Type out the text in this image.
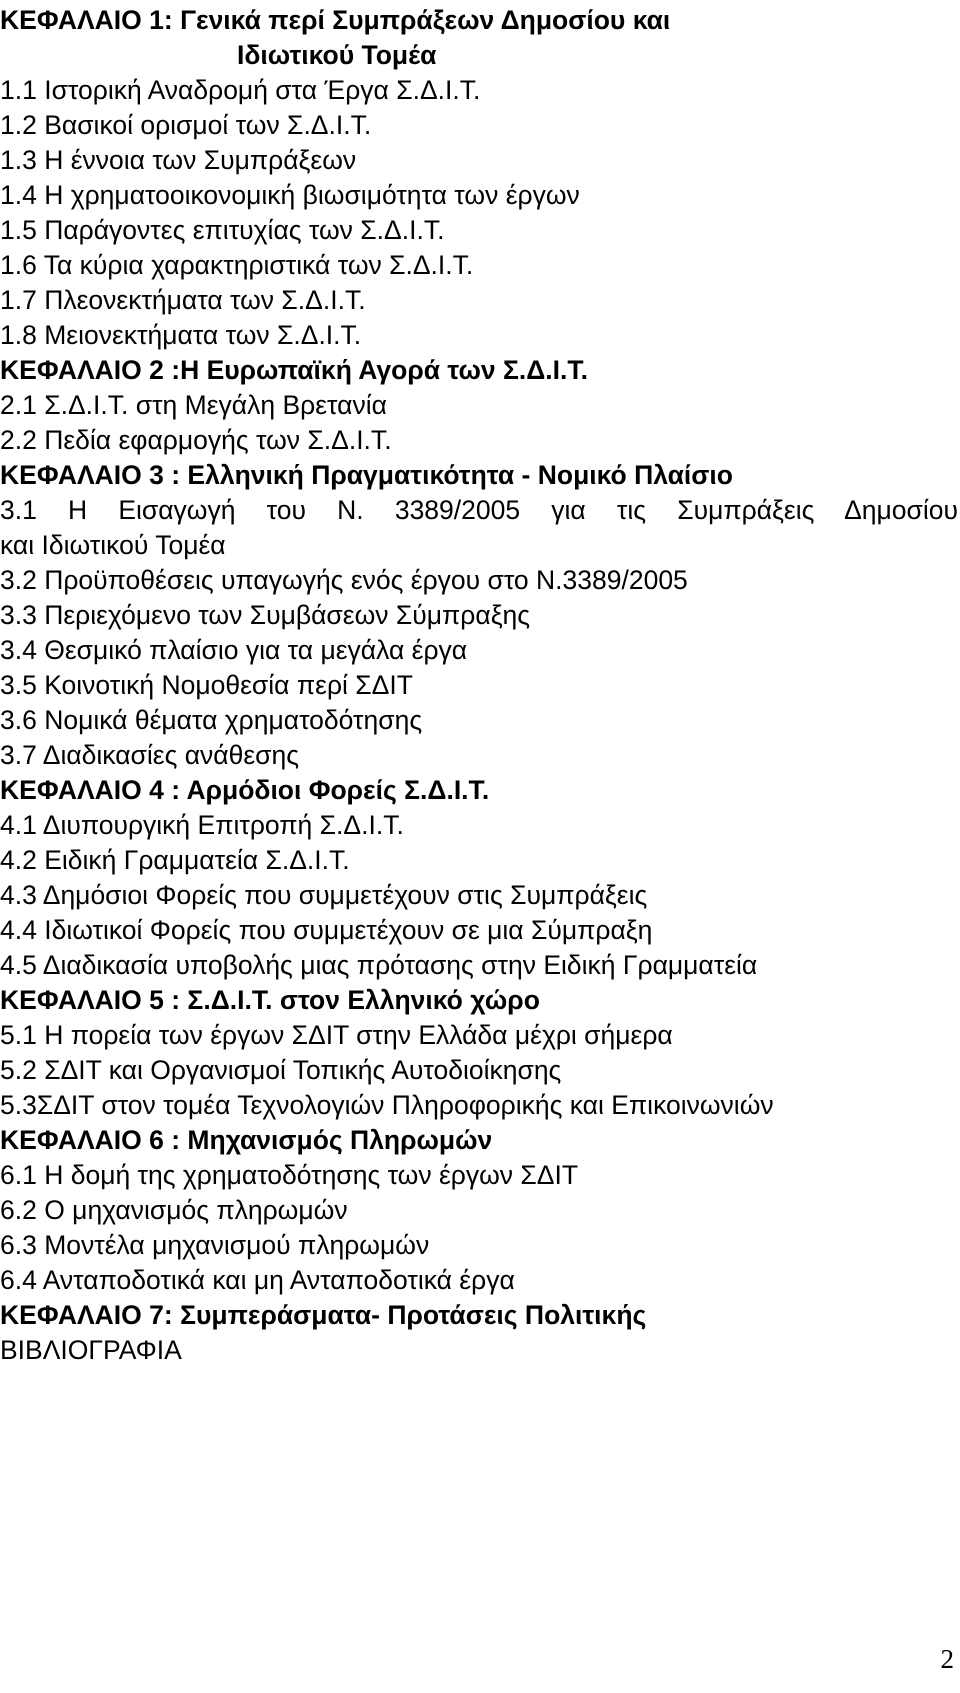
ΚΕΦΑΛΑΙΟ 1: Γενικά περί Συμπράξεων Δημοσίου και
Ιδιωτικού Τομέα
1.1 Ιστορική Αναδρομή στα Έργα Σ.Δ.Ι.Τ.
1.2 Βασικοί ορισμοί των Σ.Δ.Ι.Τ.
1.3 Η έννοια των Συμπράξεων
1.4 Η χρηματοοικονομική βιωσιμότητα των έργων
1.5 Παράγοντες επιτυχίας των Σ.Δ.Ι.Τ.
1.6 Τα κύρια χαρακτηριστικά των Σ.Δ.Ι.Τ.
1.7 Πλεονεκτήματα των Σ.Δ.Ι.Τ.
1.8 Μειονεκτήματα των Σ.Δ.Ι.Τ.
ΚΕΦΑΛΑΙΟ 2 :Η Ευρωπαϊκή Αγορά των Σ.Δ.Ι.Τ.
2.1 Σ.Δ.Ι.Τ. στη Μεγάλη Βρετανία
2.2 Πεδία εφαρμογής των Σ.Δ.Ι.Τ.
ΚΕΦΑΛΑΙΟ 3 : Ελληνική Πραγματικότητα - Νομικό Πλαίσιο
3.1 Η Εισαγωγή του Ν. 3389/2005 για τις Συμπράξεις Δημοσίου
και Ιδιωτικού Τομέα
3.2 Προϋποθέσεις υπαγωγής ενός έργου στο Ν.3389/2005
3.3 Περιεχόμενο των Συμβάσεων Σύμπραξης
3.4 Θεσμικό πλαίσιο για τα μεγάλα έργα
3.5 Κοινοτική Νομοθεσία περί ΣΔΙΤ
3.6 Νομικά θέματα χρηματοδότησης
3.7 Διαδικασίες ανάθεσης
ΚΕΦΑΛΑΙΟ 4 : Αρμόδιοι Φορείς Σ.Δ.Ι.Τ.
4.1 Διυπουργική Επιτροπή Σ.Δ.Ι.Τ.
4.2 Ειδική Γραμματεία Σ.Δ.Ι.Τ.
4.3 Δημόσιοι Φορείς που συμμετέχουν στις Συμπράξεις
4.4 Ιδιωτικοί Φορείς που συμμετέχουν σε μια Σύμπραξη
4.5 Διαδικασία υποβολής μιας πρότασης στην Ειδική Γραμματεία
ΚΕΦΑΛΑΙΟ 5 : Σ.Δ.Ι.Τ. στον Ελληνικό χώρο
5.1 Η πορεία των έργων ΣΔΙΤ στην Ελλάδα μέχρι σήμερα
5.2 ΣΔΙΤ και Οργανισμοί Τοπικής Αυτοδιοίκησης
5.3ΣΔΙΤ στον τομέα Τεχνολογιών Πληροφορικής και Επικοινωνιών
ΚΕΦΑΛΑΙΟ 6 : Μηχανισμός Πληρωμών
6.1 Η δομή της χρηματοδότησης των έργων ΣΔΙΤ
6.2 Ο μηχανισμός πληρωμών
6.3 Μοντέλα μηχανισμού πληρωμών
6.4 Ανταποδοτικά και μη Ανταποδοτικά έργα
ΚΕΦΑΛΑΙΟ 7: Συμπεράσματα- Προτάσεις Πολιτικής
ΒΙΒΛΙΟΓΡΑΦΙΑ
2
